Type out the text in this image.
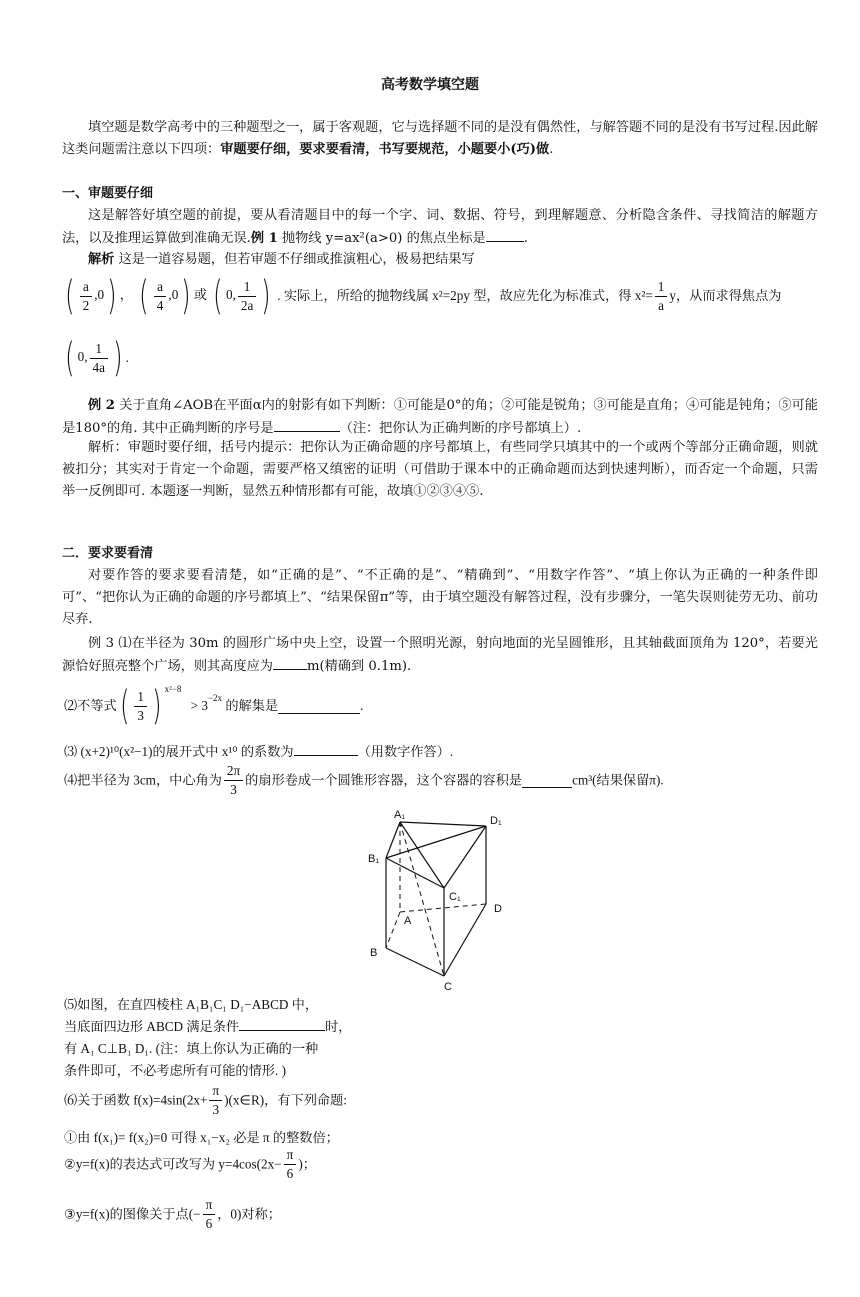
高考数学填空题
填空题是数学高考中的三种题型之一，属于客观题，它与选择题不同的是没有偶然性，与解答题不同的是没有书写过程.因此解这类问题需注意以下四项：审题要仔细，要求要看清，书写要规范，小题要小(巧)做.
一、审题要仔细
这是解答好填空题的前提，要从看清题目中的每一个字、词、数据、符号，到理解题意、分析隐含条件、寻找简洁的解题方法，以及推理运算做到准确无误.例 1 抛物线 y=ax²(a>0) 的焦点坐标是	.
解析 这是一道容易题，但若审题不仔细或推演粗心，极易把结果写
( $\frac{a}{2} ,0$) ， ( $\frac{a}{4} ,0$) 或 ( 0, $\frac{1}{2a}$ ) . 实际上，所给的抛物线属 x²=2py 型，故应先化为标准式，得 $x^2= \frac{1}{a}$ y，从而求得焦点为
( 0, $\frac{1}{4a}$ ) .
例 2 关于直角∠AOB在平面α内的射影有如下判断：①可能是0°的角；②可能是锐角；③可能是直角；④可能是钝角；⑤可能是180°的角. 其中正确判断的序号是	（注：把你认为正确判断的序号都填上）.
解析：审题时要仔细，括号内提示：把你认为正确命题的序号都填上，有些同学只填其中的一个或两个等部分正确命题，则就被扣分；其实对于肯定一个命题，需要严格又缜密的证明（可借助于课本中的正确命题而达到快速判断），而否定一个命题，只需举一反例即可. 本题逐一判断，显然五种情形都有可能，故填①②③④⑤.
二．要求要看清
对要作答的要求要看清楚，如“正确的是”、“不正确的是”、“精确到”、“用数字作答”、“填上你认为正确的一种条件即可”、“把你认为正确的命题的序号都填上”、“结果保留π”等，由于填空题没有解答过程，没有步骤分，一笔失误则徒劳无功、前功尽弃.
例 3 ⑴在半径为 30m 的圆形广场中央上空，设置一个照明光源，射向地面的光呈圆锥形，且其轴截面顶角为 120°，若要光源恰好照亮整个广场，则其高度应为	m(精确到 0.1m).
⑵不等式( $\frac{1}{3}$ ) $^{x^2-8} > 3^{-2x}$ 的解集是	.
⑶ (x+2)¹⁰(x²−1)的展开式中 x¹⁰ 的系数为	（用数字作答）.
⑷把半径为 3cm，中心角为 $\frac{2\pi}{3}$ 的扇形卷成一个圆锥形容器，这个容器的容积是	cm³(结果保留π).
A₁	D₁
B₁
C₁
A
D
B
C
⑸如图，在直四棱柱 A₁B₁C₁ D₁−ABCD 中，
当底面四边形 ABCD 满足条件	时，
有 A₁ C⊥B₁ D₁. (注：填上你认为正确的一种
条件即可，不必考虑所有可能的情形. )
⑹关于函数 $f(x)=4\sin(2x+ \frac{\pi}{3}$ )(x∈R)，有下列命题:
①由 f(x₁)= f(x₂)=0 可得 x₁−x₂ 必是 π 的整数倍；
②y=f(x)的表达式可改写为 $y=4\cos(2x- \frac{\pi}{6}$ )；
③y=f(x)的图像关于点(− $\frac{\pi}{6}$ ，0)对称；
